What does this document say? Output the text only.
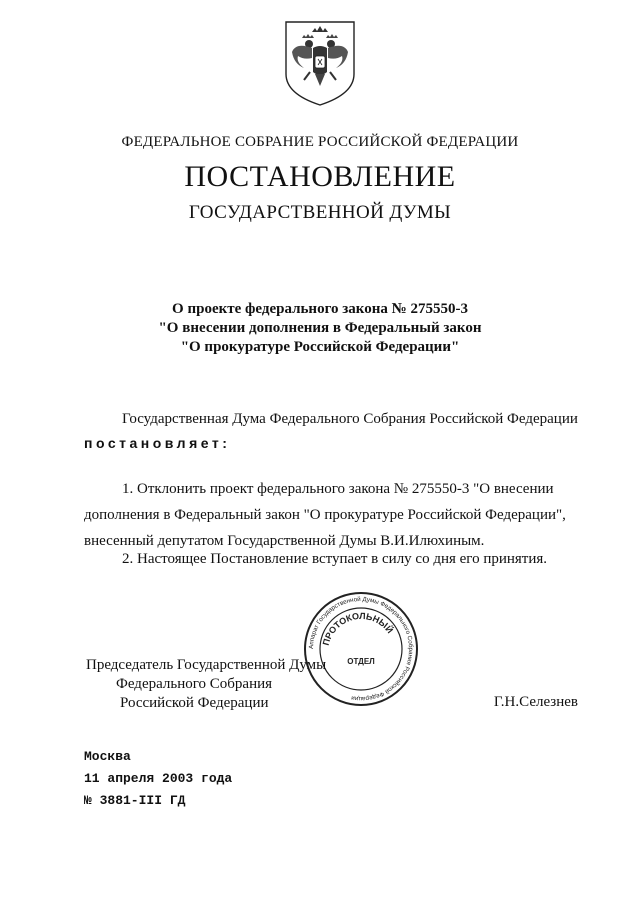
ФЕДЕРАЛЬНОЕ СОБРАНИЕ РОССИЙСКОЙ ФЕДЕРАЦИИ
ПОСТАНОВЛЕНИЕ
ГОСУДАРСТВЕННОЙ ДУМЫ
О проекте федерального закона № 275550-3
"О внесении дополнения в Федеральный закон
"О прокуратуре Российской Федерации"
Государственная Дума Федерального Собрания Российской Федерации
постановляет:

1. Отклонить проект федерального закона № 275550-3 "О внесении
дополнения в Федеральный закон "О прокуратуре Российской Федерации",
внесенный депутатом Государственной Думы В.И.Илюхиным.

2. Настоящее Постановление вступает в силу со дня его принятия.
Аппарат Государственной Думы Федерального Собрания Российской Федерации
ПРОТОКОЛЬНЫЙ
ОТДЕЛ
Председатель Государственной Думы
Федерального Собрания
Российской Федерации	Г.Н.Селезнев
Москва
11 апреля 2003 года
№ 3881-III ГД
